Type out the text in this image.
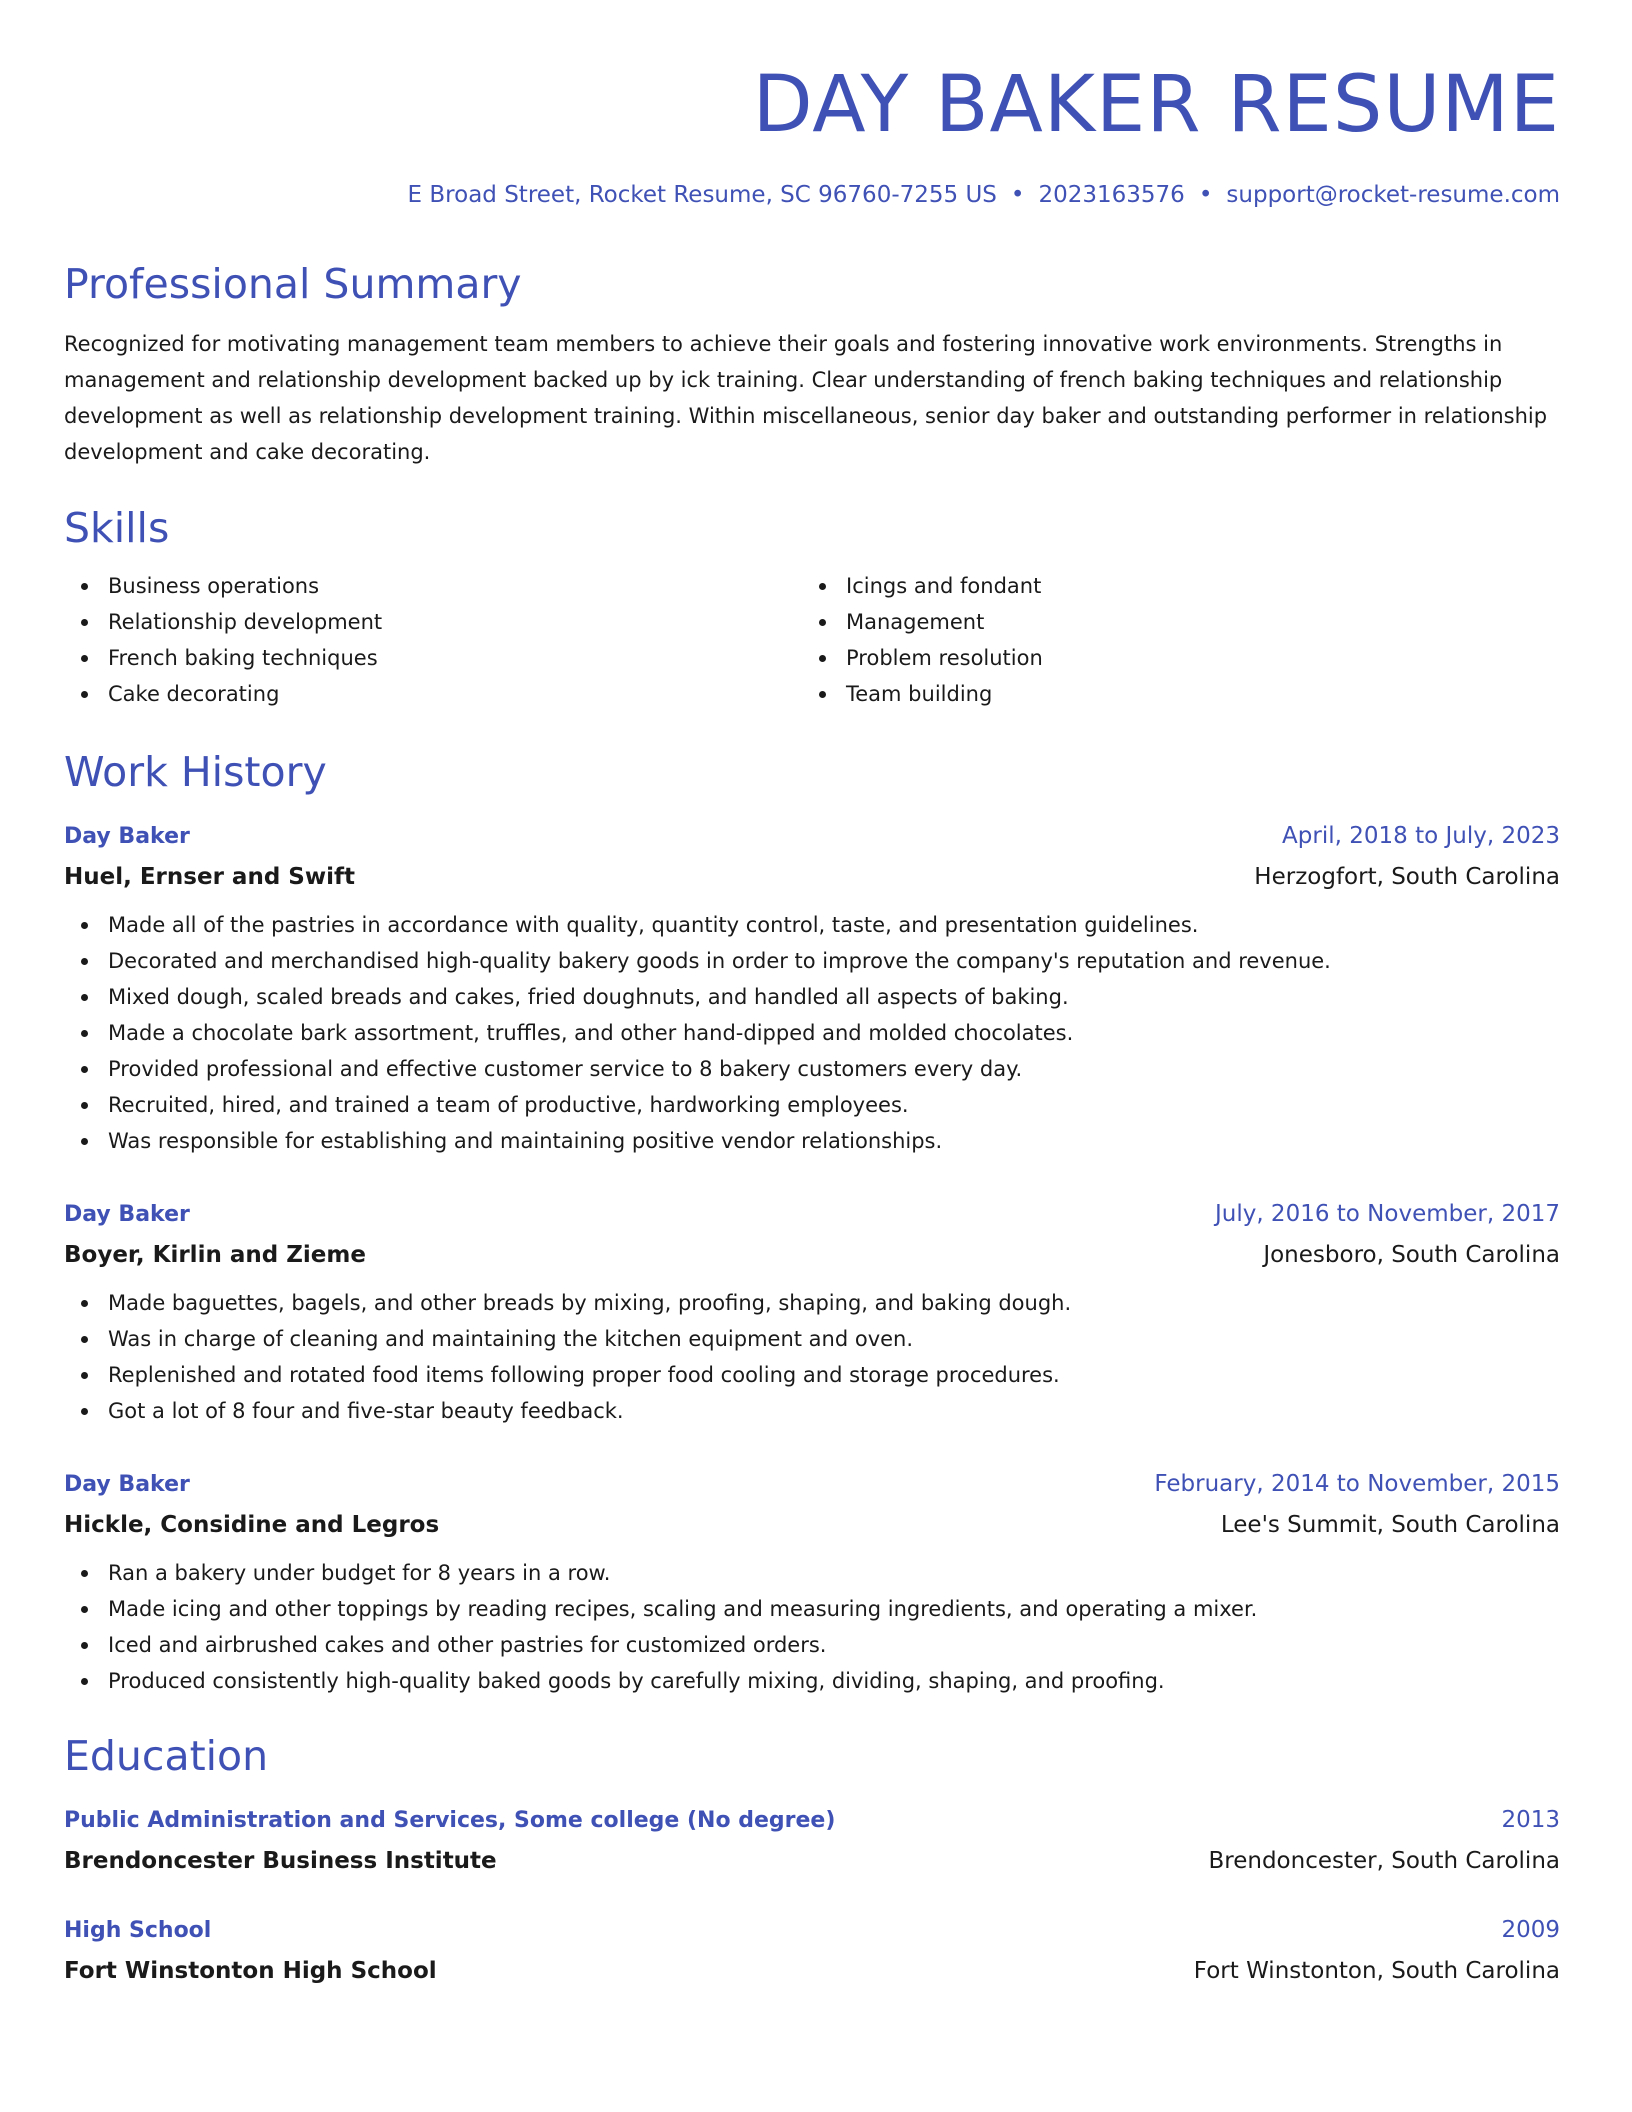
DAY BAKER RESUME
E Broad Street, Rocket Resume, SC 96760-7255 US • 2023163576 • support@rocket-resume.com
Professional Summary

Recognized for motivating management team members to achieve their goals and fostering innovative work environments. Strengths in management and relationship development backed up by ick training. Clear understanding of french baking techniques and relationship development as well as relationship development training. Within miscellaneous, senior day baker and outstanding performer in relationship development and cake decorating.

Skills
Business operations
Relationship development
French baking techniques
Cake decorating
Icings and fondant
Management
Problem resolution
Team building
Work History
Day Baker	April, 2018 to July, 2023
Huel, Ernser and Swift	Herzogfort, South Carolina
Made all of the pastries in accordance with quality, quantity control, taste, and presentation guidelines.
Decorated and merchandised high-quality bakery goods in order to improve the company's reputation and revenue.
Mixed dough, scaled breads and cakes, fried doughnuts, and handled all aspects of baking.
Made a chocolate bark assortment, truffles, and other hand-dipped and molded chocolates.
Provided professional and effective customer service to 8 bakery customers every day.
Recruited, hired, and trained a team of productive, hardworking employees.
Was responsible for establishing and maintaining positive vendor relationships.
Day Baker	July, 2016 to November, 2017
Boyer, Kirlin and Zieme	Jonesboro, South Carolina
Made baguettes, bagels, and other breads by mixing, proofing, shaping, and baking dough.
Was in charge of cleaning and maintaining the kitchen equipment and oven.
Replenished and rotated food items following proper food cooling and storage procedures.
Got a lot of 8 four and five-star beauty feedback.
Day Baker	February, 2014 to November, 2015
Hickle, Considine and Legros	Lee's Summit, South Carolina
Ran a bakery under budget for 8 years in a row.
Made icing and other toppings by reading recipes, scaling and measuring ingredients, and operating a mixer.
Iced and airbrushed cakes and other pastries for customized orders.
Produced consistently high-quality baked goods by carefully mixing, dividing, shaping, and proofing.
Education
Public Administration and Services, Some college (No degree)	2013
Brendoncester Business Institute	Brendoncester, South Carolina
High School	2009
Fort Winstonton High School	Fort Winstonton, South Carolina
